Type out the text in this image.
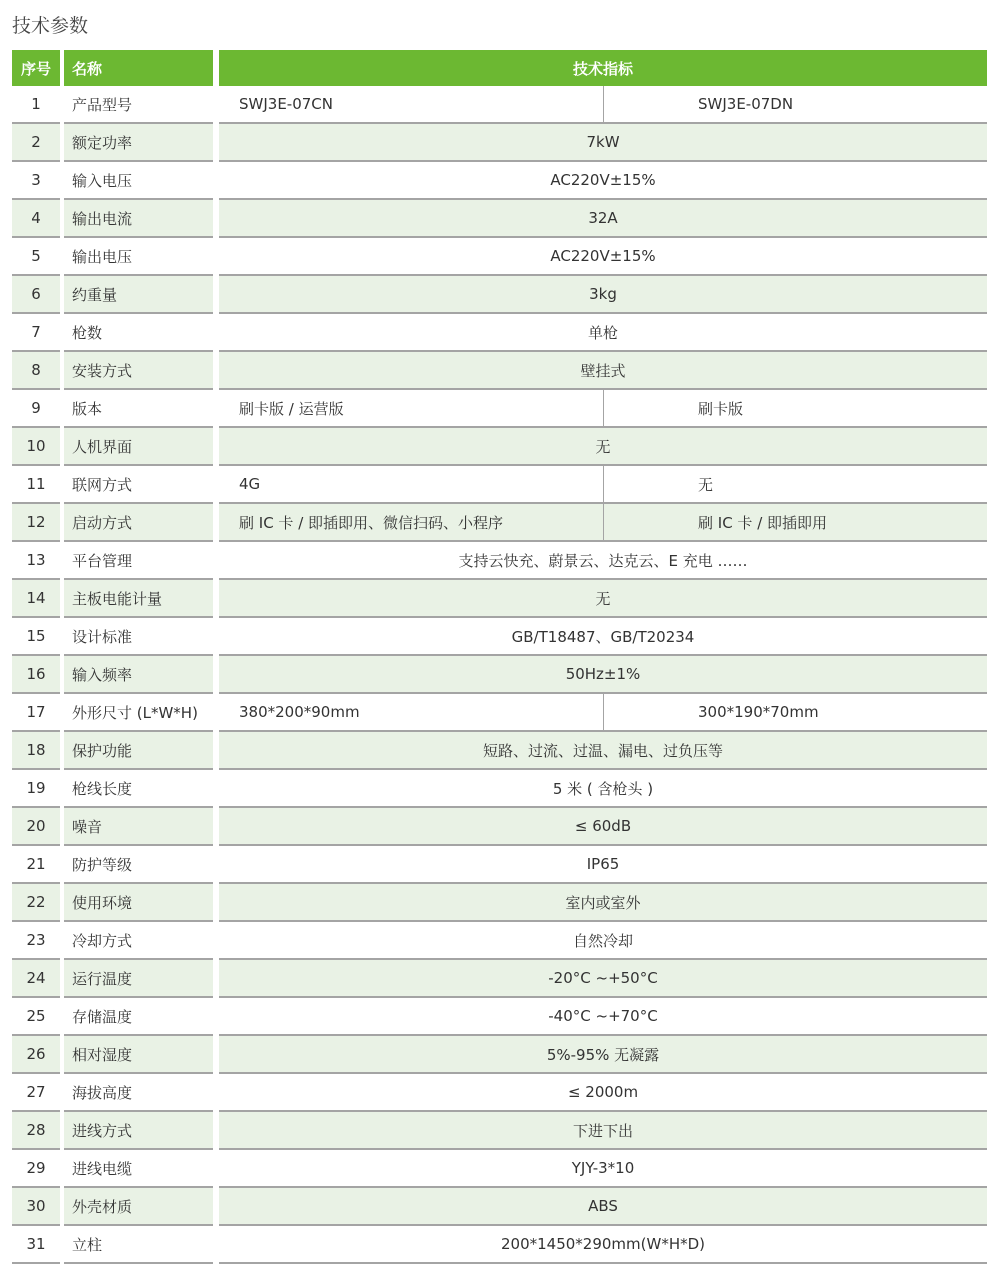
技术参数
序号	名称	技术指标
1	产品型号	SWJ3E-07CN	SWJ3E-07DN
2	额定功率	7kW
3	输入电压	AC220V±15%
4	输出电流	32A
5	输出电压	AC220V±15%
6	约重量	3kg
7	枪数	单枪
8	安装方式	壁挂式
9	版本	刷卡版 / 运营版	刷卡版
10	人机界面	无
11	联网方式	4G	无
12	启动方式	刷 IC 卡 / 即插即用、微信扫码、小程序	刷 IC 卡 / 即插即用
13	平台管理	支持云快充、蔚景云、达克云、E 充电 ……
14	主板电能计量	无
15	设计标准	GB/T18487、GB/T20234
16	输入频率	50Hz±1%
17	外形尺寸 (L*W*H)	380*200*90mm	300*190*70mm
18	保护功能	短路、过流、过温、漏电、过负压等
19	枪线长度	5 米 ( 含枪头 )
20	噪音	≤ 60dB
21	防护等级	IP65
22	使用环境	室内或室外
23	冷却方式	自然冷却
24	运行温度	-20°C ~+50°C
25	存储温度	-40°C ~+70°C
26	相对湿度	5%-95% 无凝露
27	海拔高度	≤ 2000m
28	进线方式	下进下出
29	进线电缆	YJY-3*10
30	外壳材质	ABS
31	立柱	200*1450*290mm(W*H*D)
